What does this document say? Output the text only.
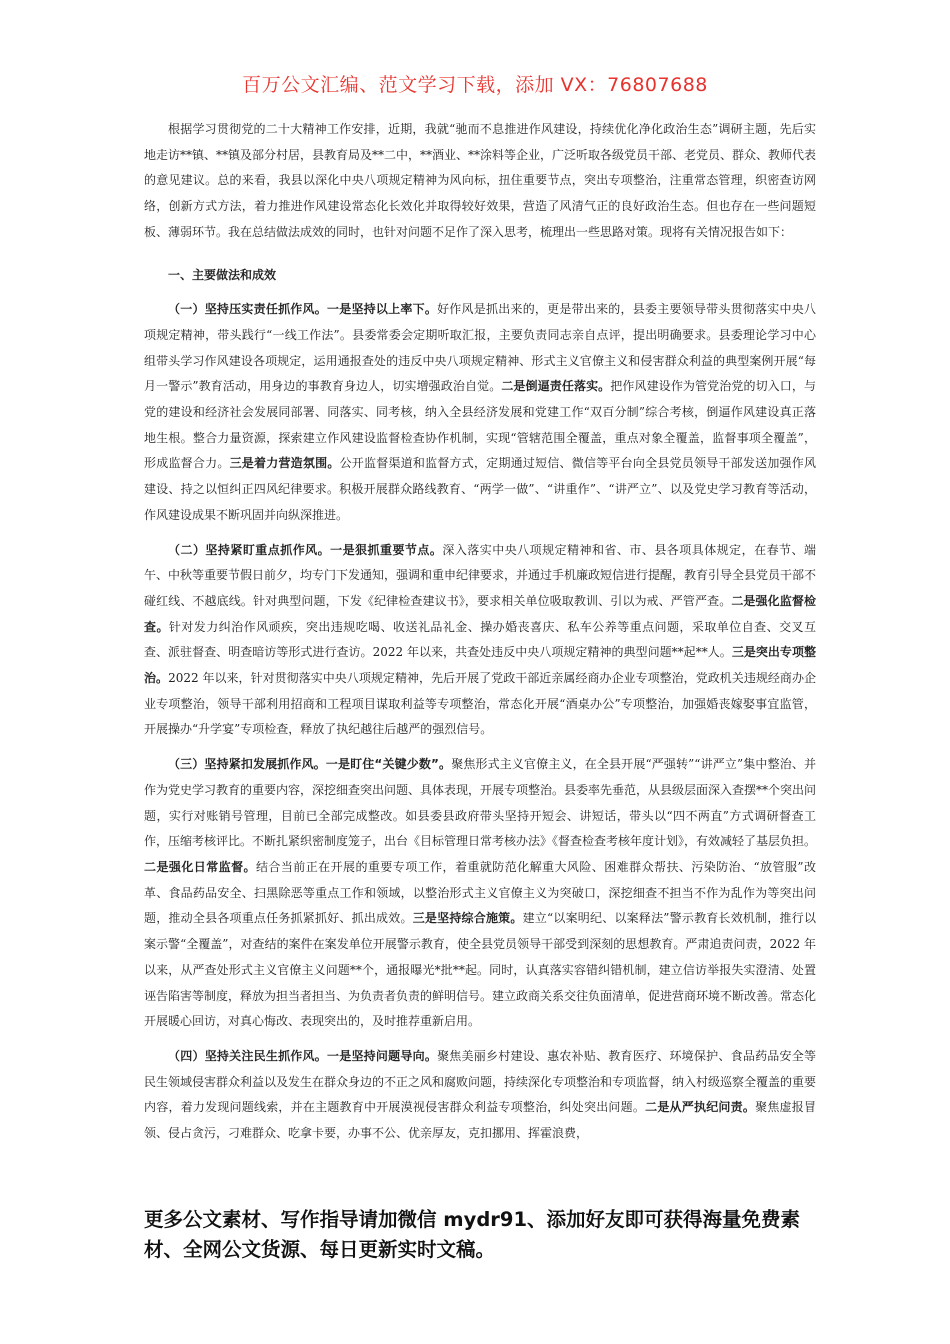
百万公文汇编、范文学习下载，添加 VX：76807688

根据学习贯彻党的二十大精神工作安排，近期，我就“驰而不息推进作风建设，持续优化净化政治生态”调研主题，先后实地走访**镇、**镇及部分村居，县教育局及**二中，**酒业、**涂料等企业，广泛听取各级党员干部、老党员、群众、教师代表的意见建议。总的来看，我县以深化中央八项规定精神为风向标，扭住重要节点，突出专项整治，注重常态管理，织密查访网络，创新方式方法，着力推进作风建设常态化长效化并取得较好效果，营造了风清气正的良好政治生态。但也存在一些问题短板、薄弱环节。我在总结做法成效的同时，也针对问题不足作了深入思考，梳理出一些思路对策。现将有关情况报告如下：

一、主要做法和成效

（一）坚持压实责任抓作风。一是坚持以上率下。好作风是抓出来的，更是带出来的，县委主要领导带头贯彻落实中央八项规定精神，带头践行“一线工作法”。县委常委会定期听取汇报，主要负责同志亲自点评，提出明确要求。县委理论学习中心组带头学习作风建设各项规定，运用通报查处的违反中央八项规定精神、形式主义官僚主义和侵害群众利益的典型案例开展“每月一警示”教育活动，用身边的事教育身边人，切实增强政治自觉。二是倒逼责任落实。把作风建设作为管党治党的切入口，与党的建设和经济社会发展同部署、同落实、同考核，纳入全县经济发展和党建工作“双百分制”综合考核，倒逼作风建设真正落地生根。整合力量资源，探索建立作风建设监督检查协作机制，实现“管辖范围全覆盖，重点对象全覆盖，监督事项全覆盖”，形成监督合力。三是着力营造氛围。公开监督渠道和监督方式，定期通过短信、微信等平台向全县党员领导干部发送加强作风建设、持之以恒纠正四风纪律要求。积极开展群众路线教育、“两学一做”、“讲重作”、“讲严立”、以及党史学习教育等活动，作风建设成果不断巩固并向纵深推进。

（二）坚持紧盯重点抓作风。一是狠抓重要节点。深入落实中央八项规定精神和省、市、县各项具体规定，在春节、端午、中秋等重要节假日前夕，均专门下发通知，强调和重申纪律要求，并通过手机廉政短信进行提醒，教育引导全县党员干部不碰红线、不越底线。针对典型问题，下发《纪律检查建议书》，要求相关单位吸取教训、引以为戒、严管严查。二是强化监督检查。针对发力纠治作风顽疾，突出违规吃喝、收送礼品礼金、操办婚丧喜庆、私车公养等重点问题，采取单位自查、交叉互查、派驻督查、明查暗访等形式进行查访。2022 年以来，共查处违反中央八项规定精神的典型问题**起**人。三是突出专项整治。2022 年以来，针对贯彻落实中央八项规定精神，先后开展了党政干部近亲属经商办企业专项整治，党政机关违规经商办企业专项整治，领导干部利用招商和工程项目谋取利益等专项整治，常态化开展“酒桌办公”专项整治，加强婚丧嫁娶事宜监管，开展操办“升学宴”专项检查，释放了执纪越往后越严的强烈信号。

（三）坚持紧扣发展抓作风。一是盯住“关键少数”。聚焦形式主义官僚主义，在全县开展“严强转”“讲严立”集中整治、并作为党史学习教育的重要内容，深挖细查突出问题、具体表现，开展专项整治。县委率先垂范，从县级层面深入查摆**个突出问题，实行对账销号管理，目前已全部完成整改。如县委县政府带头坚持开短会、讲短话，带头以“四不两直”方式调研督查工作，压缩考核评比。不断扎紧织密制度笼子，出台《目标管理日常考核办法》《督查检查考核年度计划》，有效减轻了基层负担。二是强化日常监督。结合当前正在开展的重要专项工作，着重就防范化解重大风险、困难群众帮扶、污染防治、“放管服”改革、食品药品安全、扫黑除恶等重点工作和领域，以整治形式主义官僚主义为突破口，深挖细查不担当不作为乱作为等突出问题，推动全县各项重点任务抓紧抓好、抓出成效。三是坚持综合施策。建立“以案明纪、以案释法”警示教育长效机制，推行以案示警“全覆盖”，对查结的案件在案发单位开展警示教育，使全县党员领导干部受到深刻的思想教育。严肃追责问责，2022 年以来，从严查处形式主义官僚主义问题**个，通报曝光*批**起。同时，认真落实容错纠错机制，建立信访举报失实澄清、处置诬告陷害等制度，释放为担当者担当、为负责者负责的鲜明信号。建立政商关系交往负面清单，促进营商环境不断改善。常态化开展暖心回访，对真心悔改、表现突出的，及时推荐重新启用。

（四）坚持关注民生抓作风。一是坚持问题导向。聚焦美丽乡村建设、惠农补贴、教育医疗、环境保护、食品药品安全等民生领域侵害群众利益以及发生在群众身边的不正之风和腐败问题，持续深化专项整治和专项监督，纳入村级巡察全覆盖的重要内容，着力发现问题线索，并在主题教育中开展漠视侵害群众利益专项整治，纠处突出问题。二是从严执纪问责。聚焦虚报冒领、侵占贪污，刁难群众、吃拿卡要，办事不公、优亲厚友，克扣挪用、挥霍浪费，

更多公文素材、写作指导请加微信 mydr91、添加好友即可获得海量免费素材、全网公文货源、每日更新实时文稿。
